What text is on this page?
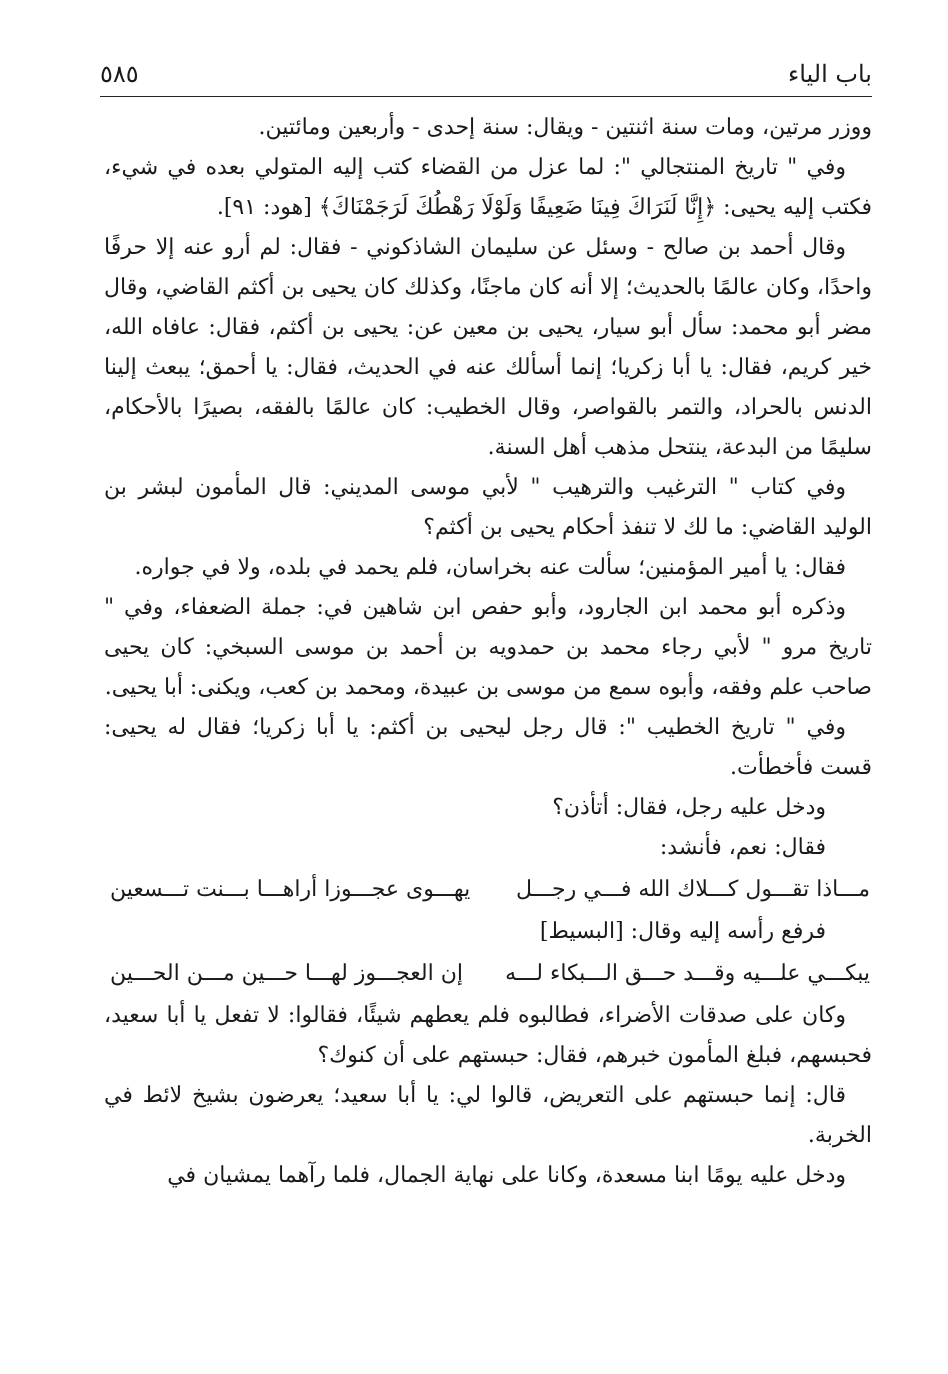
باب الياء
٥٨٥

ووزر مرتين، ومات سنة اثنتين - ويقال: سنة إحدى - وأربعين ومائتين.

وفي " تاريخ المنتجالي ": لما عزل من القضاء كتب إليه المتولي بعده في شيء، فكتب إليه يحيى: ﴿إِنَّا لَنَرَاكَ فِينَا ضَعِيفًا وَلَوْلَا رَهْطُكَ لَرَجَمْنَاكَ﴾ [هود: ٩١].

وقال أحمد بن صالح - وسئل عن سليمان الشاذكوني - فقال: لم أرو عنه إلا حرفًا واحدًا، وكان عالمًا بالحديث؛ إلا أنه كان ماجنًا، وكذلك كان يحيى بن أكثم القاضي، وقال مضر أبو محمد: سأل أبو سيار، يحيى بن معين عن: يحيى بن أكثم، فقال: عافاه الله، خير كريم، فقال: يا أبا زكريا؛ إنما أسألك عنه في الحديث، فقال: يا أحمق؛ يبعث إلينا الدنس بالحراد، والتمر بالقواصر، وقال الخطيب: كان عالمًا بالفقه، بصيرًا بالأحكام، سليمًا من البدعة، ينتحل مذهب أهل السنة.

وفي كتاب " الترغيب والترهيب " لأبي موسى المديني: قال المأمون لبشر بن الوليد القاضي: ما لك لا تنفذ أحكام يحيى بن أكثم؟

فقال: يا أمير المؤمنين؛ سألت عنه بخراسان، فلم يحمد في بلده، ولا في جواره.

وذكره أبو محمد ابن الجارود، وأبو حفص ابن شاهين في: جملة الضعفاء، وفي " تاريخ مرو " لأبي رجاء محمد بن حمدويه بن أحمد بن موسى السبخي: كان يحيى صاحب علم وفقه، وأبوه سمع من موسى بن عبيدة، ومحمد بن كعب، ويكنى: أبا يحيى.

وفي " تاريخ الخطيب ": قال رجل ليحيى بن أكثم: يا أبا زكريا؛ فقال له يحيى: قست فأخطأت.

ودخل عليه رجل، فقال: أتأذن؟

فقال: نعم، فأنشد:

مـــاذا تقـــول كـــلاك الله فـــي رجـــل
يهـــوى عجـــوزا أراهـــا بـــنت تـــسعين

فرفع رأسه إليه وقال: [البسيط]

يبكـــي علـــيه وقـــد حـــق الـــبكاء لـــه
إن العجـــوز لهـــا حـــين مـــن الحـــين

وكان على صدقات الأضراء، فطالبوه فلم يعطهم شيئًا، فقالوا: لا تفعل يا أبا سعيد، فحبسهم، فبلغ المأمون خبرهم، فقال: حبستهم على أن كنوك؟

قال: إنما حبستهم على التعريض، قالوا لي: يا أبا سعيد؛ يعرضون بشيخ لائط في الخربة.

ودخل عليه يومًا ابنا مسعدة، وكانا على نهاية الجمال، فلما رآهما يمشيان في
